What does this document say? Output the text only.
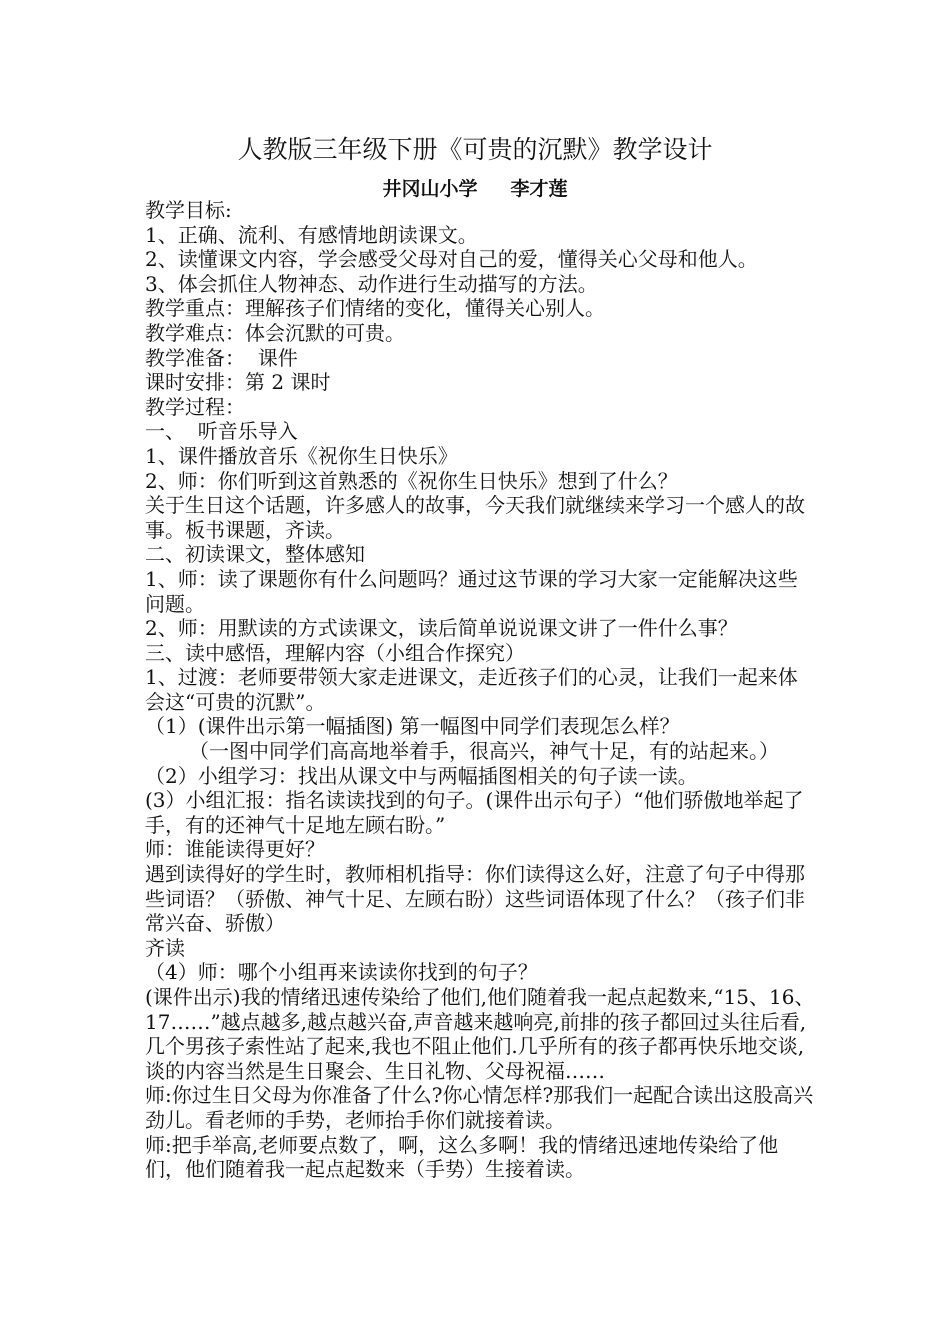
人教版三年级下册《可贵的沉默》教学设计
井冈山小学     李才莲

教学目标:

1、正确、流利、有感情地朗读课文。

2、读懂课文内容，学会感受父母对自己的爱，懂得关心父母和他人。

3、体会抓住人物神态、动作进行生动描写的方法。

教学重点：理解孩子们情绪的变化，懂得关心别人。

教学难点：体会沉默的可贵。

教学准备：  课件

课时安排：第 2 课时

教学过程：

一、  听音乐导入

1、课件播放音乐《祝你生日快乐》

2、师：你们听到这首熟悉的《祝你生日快乐》想到了什么？

关于生日这个话题，许多感人的故事，今天我们就继续来学习一个感人的故事。板书课题，齐读。

二、初读课文，整体感知

1、师：读了课题你有什么问题吗？通过这节课的学习大家一定能解决这些问题。

2、师：用默读的方式读课文，读后简单说说课文讲了一件什么事？

三、读中感悟，理解内容（小组合作探究）

1、过渡：老师要带领大家走进课文，走近孩子们的心灵，让我们一起来体会这“可贵的沉默”。

（1）(课件出示第一幅插图) 第一幅图中同学们表现怎么样？

（一图中同学们高高地举着手，很高兴，神气十足，有的站起来。）

（2）小组学习：找出从课文中与两幅插图相关的句子读一读。

(3）小组汇报：指名读读找到的句子。(课件出示句子）“他们骄傲地举起了手，有的还神气十足地左顾右盼。”

师：谁能读得更好？

遇到读得好的学生时，教师相机指导：你们读得这么好，注意了句子中得那些词语？（骄傲、神气十足、左顾右盼）这些词语体现了什么？（孩子们非常兴奋、骄傲）

齐读

（4）师：哪个小组再来读读你找到的句子？

(课件出示)我的情绪迅速传染给了他们,他们随着我一起点起数来,“15、16、17……”越点越多,越点越兴奋,声音越来越响亮,前排的孩子都回过头往后看,几个男孩子索性站了起来,我也不阻止他们.几乎所有的孩子都再快乐地交谈,谈的内容当然是生日聚会、生日礼物、父母祝福……

师:你过生日父母为你准备了什么?你心情怎样?那我们一起配合读出这股高兴劲儿。看老师的手势，老师抬手你们就接着读。

师:把手举高,老师要点数了，啊，这么多啊！我的情绪迅速地传染给了他们，他们随着我一起点起数来（手势）生接着读。
